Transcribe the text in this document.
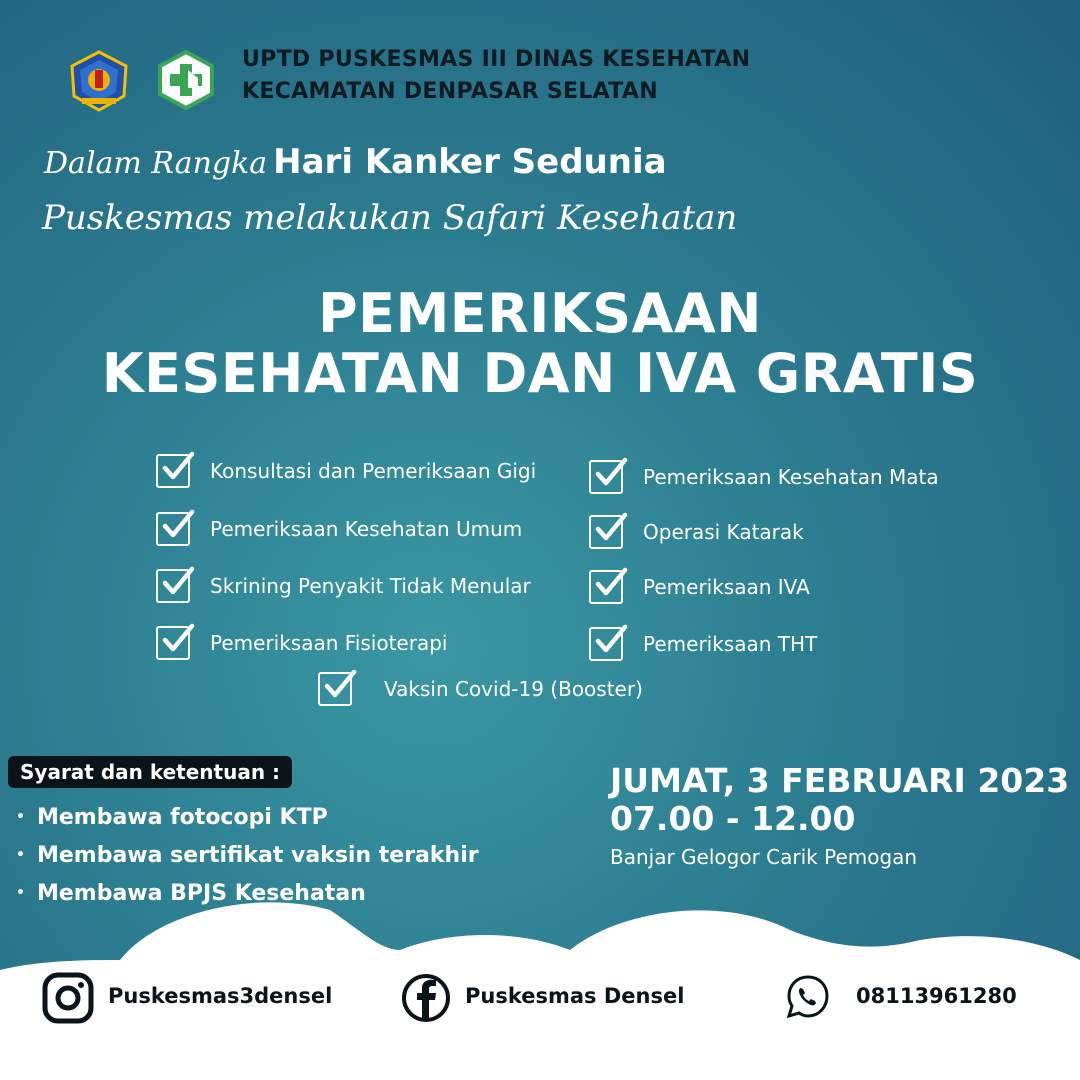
UPTD PUSKESMAS III DINAS KESEHATAN
KECAMATAN DENPASAR SELATAN
Dalam Rangka Hari Kanker Sedunia
Puskesmas melakukan Safari Kesehatan
PEMERIKSAAN
KESEHATAN DAN IVA GRATIS
Konsultasi dan Pemeriksaan Gigi
Pemeriksaan Kesehatan Umum
Skrining Penyakit Tidak Menular
Pemeriksaan Fisioterapi
Pemeriksaan Kesehatan Mata
Operasi Katarak
Pemeriksaan IVA
Pemeriksaan THT
Vaksin Covid-19 (Booster)
Syarat dan ketentuan :
• Membawa fotocopi KTP
• Membawa sertifikat vaksin terakhir
• Membawa BPJS Kesehatan
JUMAT, 3 FEBRUARI 2023
07.00 - 12.00
Banjar Gelogor Carik Pemogan
Puskesmas3densel	Puskesmas Densel	08113961280
